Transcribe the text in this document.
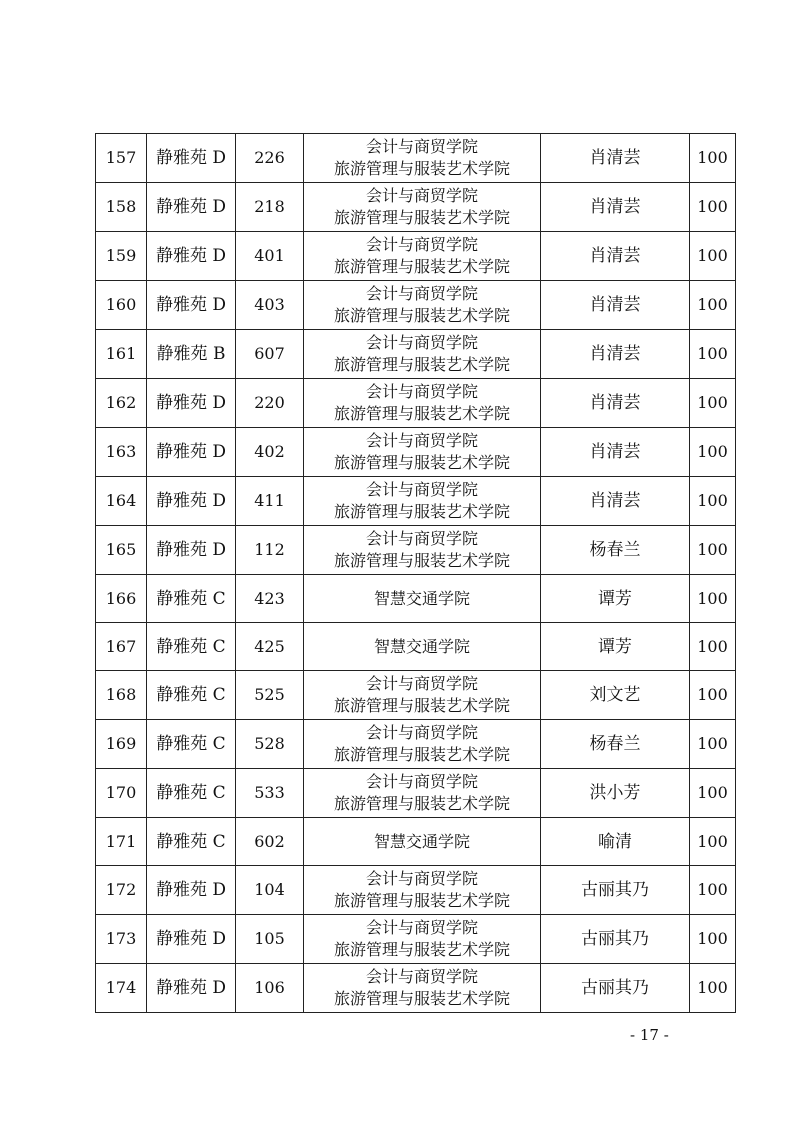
157	静雅苑 D	226	会计与商贸学院
旅游管理与服装艺术学院	肖清芸	100
158	静雅苑 D	218	会计与商贸学院
旅游管理与服装艺术学院	肖清芸	100
159	静雅苑 D	401	会计与商贸学院
旅游管理与服装艺术学院	肖清芸	100
160	静雅苑 D	403	会计与商贸学院
旅游管理与服装艺术学院	肖清芸	100
161	静雅苑 B	607	会计与商贸学院
旅游管理与服装艺术学院	肖清芸	100
162	静雅苑 D	220	会计与商贸学院
旅游管理与服装艺术学院	肖清芸	100
163	静雅苑 D	402	会计与商贸学院
旅游管理与服装艺术学院	肖清芸	100
164	静雅苑 D	411	会计与商贸学院
旅游管理与服装艺术学院	肖清芸	100
165	静雅苑 D	112	会计与商贸学院
旅游管理与服装艺术学院	杨春兰	100
166	静雅苑 C	423	智慧交通学院	谭芳	100
167	静雅苑 C	425	智慧交通学院	谭芳	100
168	静雅苑 C	525	会计与商贸学院
旅游管理与服装艺术学院	刘文艺	100
169	静雅苑 C	528	会计与商贸学院
旅游管理与服装艺术学院	杨春兰	100
170	静雅苑 C	533	会计与商贸学院
旅游管理与服装艺术学院	洪小芳	100
171	静雅苑 C	602	智慧交通学院	喻清	100
172	静雅苑 D	104	会计与商贸学院
旅游管理与服装艺术学院	古丽其乃	100
173	静雅苑 D	105	会计与商贸学院
旅游管理与服装艺术学院	古丽其乃	100
174	静雅苑 D	106	会计与商贸学院
旅游管理与服装艺术学院	古丽其乃	100
- 17 -
